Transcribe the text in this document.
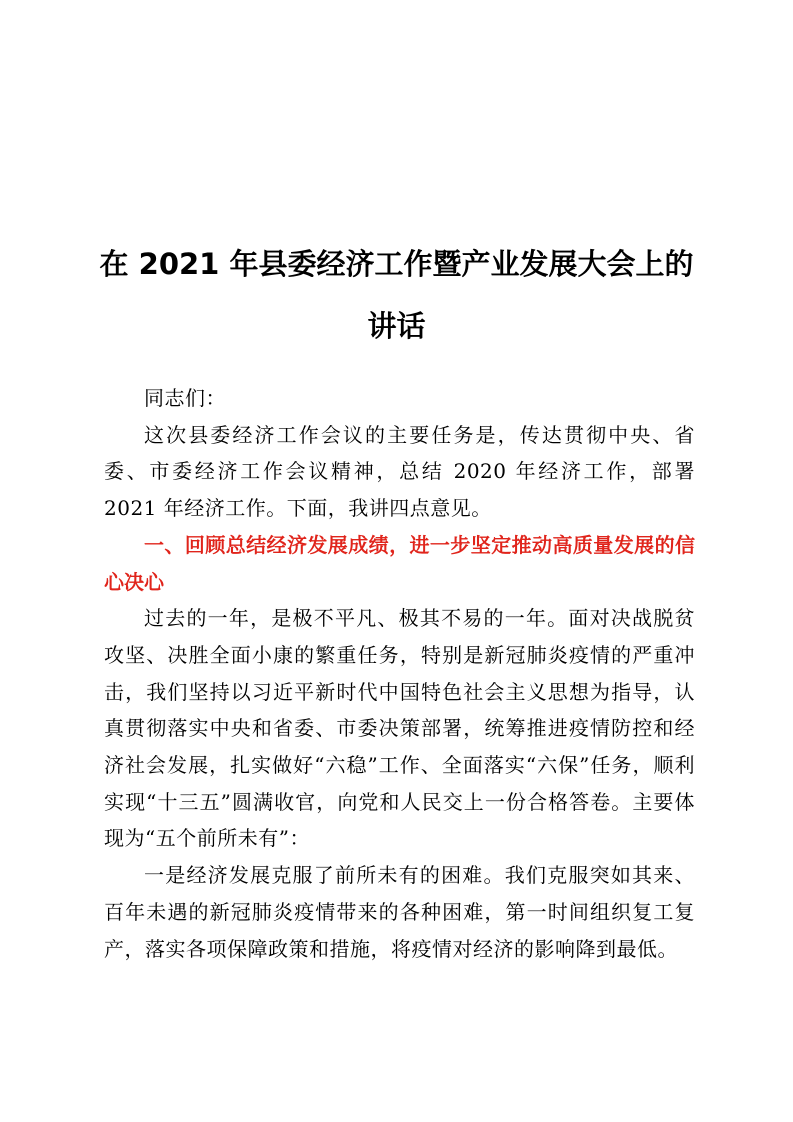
在 2021 年县委经济工作暨产业发展大会上的
讲话

同志们：

这次县委经济工作会议的主要任务是，传达贯彻中央、省委、市委经济工作会议精神，总结 2020 年经济工作，部署 2021 年经济工作。下面，我讲四点意见。

一、回顾总结经济发展成绩，进一步坚定推动高质量发展的信心决心

过去的一年，是极不平凡、极其不易的一年。面对决战脱贫攻坚、决胜全面小康的繁重任务，特别是新冠肺炎疫情的严重冲击，我们坚持以习近平新时代中国特色社会主义思想为指导，认真贯彻落实中央和省委、市委决策部署，统筹推进疫情防控和经济社会发展，扎实做好“六稳”工作、全面落实“六保”任务，顺利实现“十三五”圆满收官，向党和人民交上一份合格答卷。主要体现为“五个前所未有”：

一是经济发展克服了前所未有的困难。我们克服突如其来、百年未遇的新冠肺炎疫情带来的各种困难，第一时间组织复工复产，落实各项保障政策和措施，将疫情对经济的影响降到最低。
